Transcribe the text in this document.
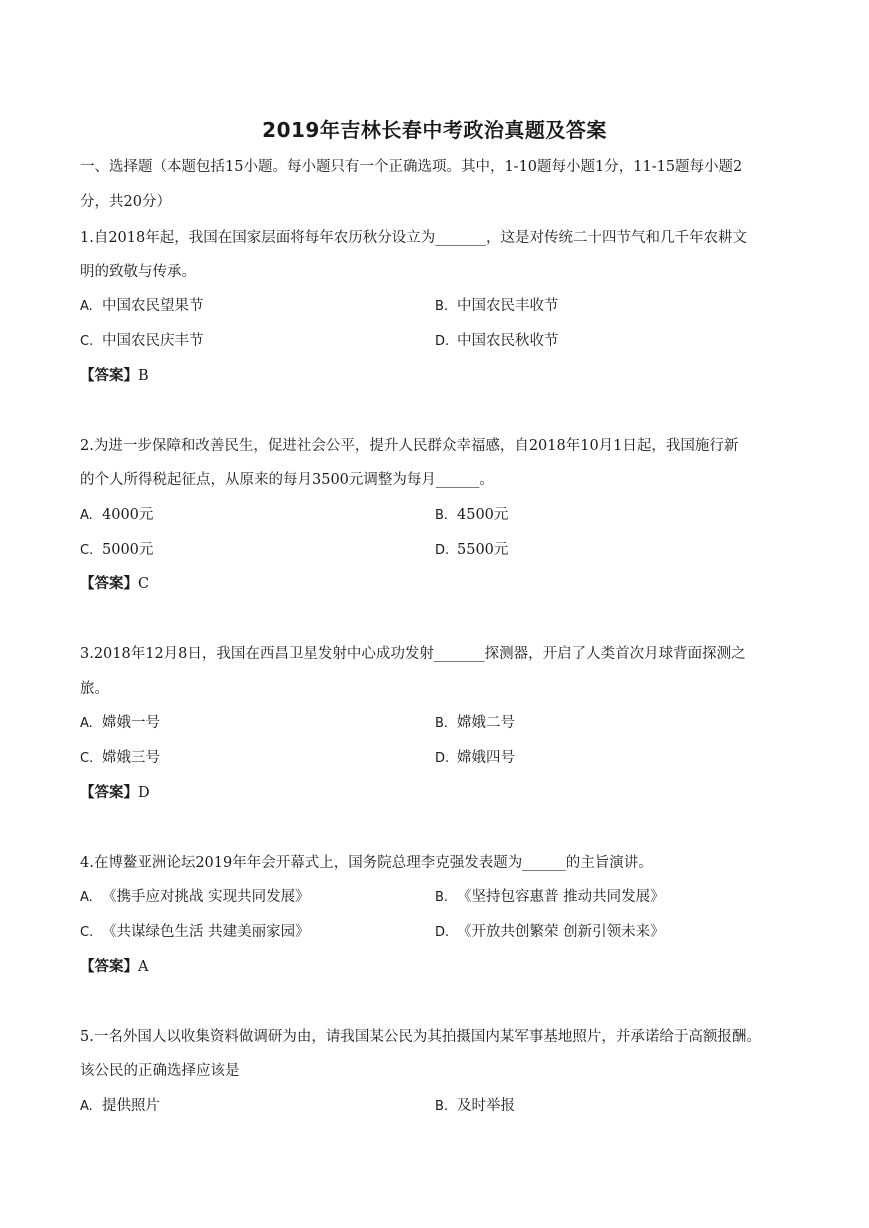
2019年吉林长春中考政治真题及答案
一、选择题（本题包括15小题。每小题只有一个正确选项。其中，1-10题每小题1分，11-15题每小题2
分，共20分）
1.自2018年起，我国在国家层面将每年农历秋分设立为_______，这是对传统二十四节气和几千年农耕文
明的致敬与传承。
A. 中国农民望果节	B. 中国农民丰收节
C. 中国农民庆丰节	D. 中国农民秋收节
【答案】B
2.为进一步保障和改善民生，促进社会公平，提升人民群众幸福感，自2018年10月1日起，我国施行新
的个人所得税起征点，从原来的每月3500元调整为每月______。
A. 4000元	B. 4500元
C. 5000元	D. 5500元
【答案】C
3.2018年12月8日，我国在西昌卫星发射中心成功发射_______探测器，开启了人类首次月球背面探测之
旅。
A. 嫦娥一号	B. 嫦娥二号
C. 嫦娥三号	D. 嫦娥四号
【答案】D
4.在博鳌亚洲论坛2019年年会开幕式上，国务院总理李克强发表题为______的主旨演讲。
A. 《携手应对挑战 实现共同发展》	B. 《坚持包容惠普 推动共同发展》
C. 《共谋绿色生活 共建美丽家园》	D. 《开放共创繁荣 创新引领未来》
【答案】A
5.一名外国人以收集资料做调研为由，请我国某公民为其拍摄国内某军事基地照片，并承诺给于高额报酬。
该公民的正确选择应该是
A. 提供照片	B. 及时举报
